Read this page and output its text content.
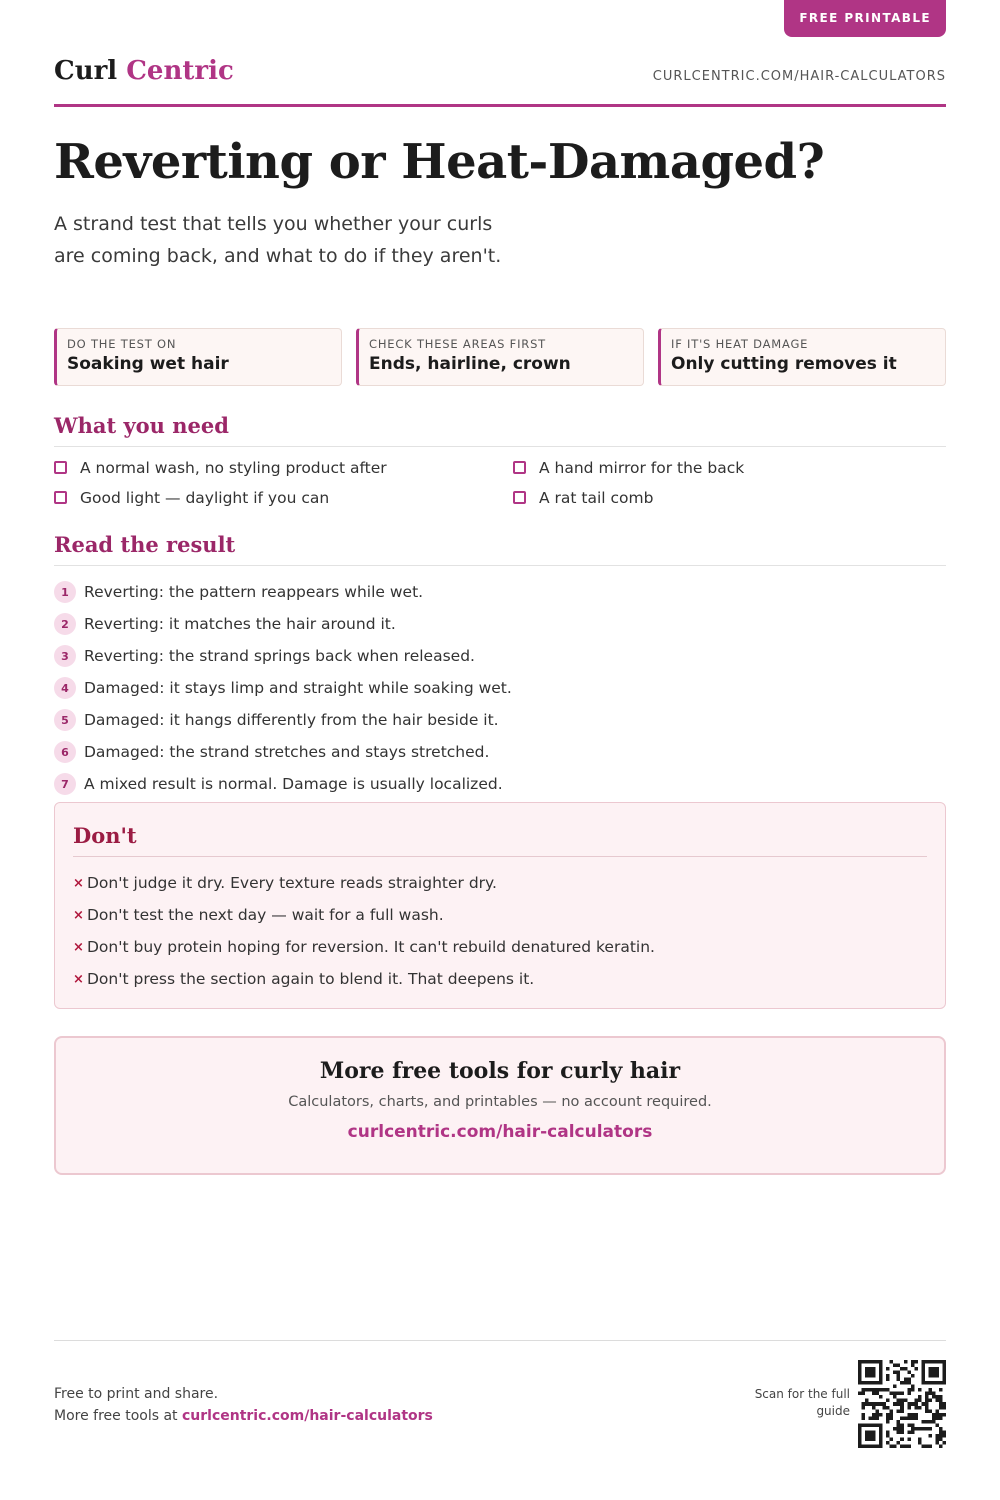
FREE PRINTABLE
Curl Centric	CURLCENTRIC.COM/HAIR-CALCULATORS
Reverting or Heat-Damaged?

A strand test that tells you whether your curls are coming back, and what to do if they aren't.

DO THE TEST ON
Soaking wet hair
CHECK THESE AREAS FIRST
Ends, hairline, crown
IF IT'S HEAT DAMAGE
Only cutting removes it
What you need
A normal wash, no styling product after	A hand mirror for the back
Good light — daylight if you can	A rat tail comb
Read the result
1 Reverting: the pattern reappears while wet.
2 Reverting: it matches the hair around it.
3 Reverting: the strand springs back when released.
4 Damaged: it stays limp and straight while soaking wet.
5 Damaged: it hangs differently from the hair beside it.
6 Damaged: the strand stretches and stays stretched.
7 A mixed result is normal. Damage is usually localized.
Don't
× Don't judge it dry. Every texture reads straighter dry.
× Don't test the next day — wait for a full wash.
× Don't buy protein hoping for reversion. It can't rebuild denatured keratin.
× Don't press the section again to blend it. That deepens it.
More free tools for curly hair
Calculators, charts, and printables — no account required.
curlcentric.com/hair-calculators
Free to print and share.
More free tools at curlcentric.com/hair-calculators
Scan for the full guide
